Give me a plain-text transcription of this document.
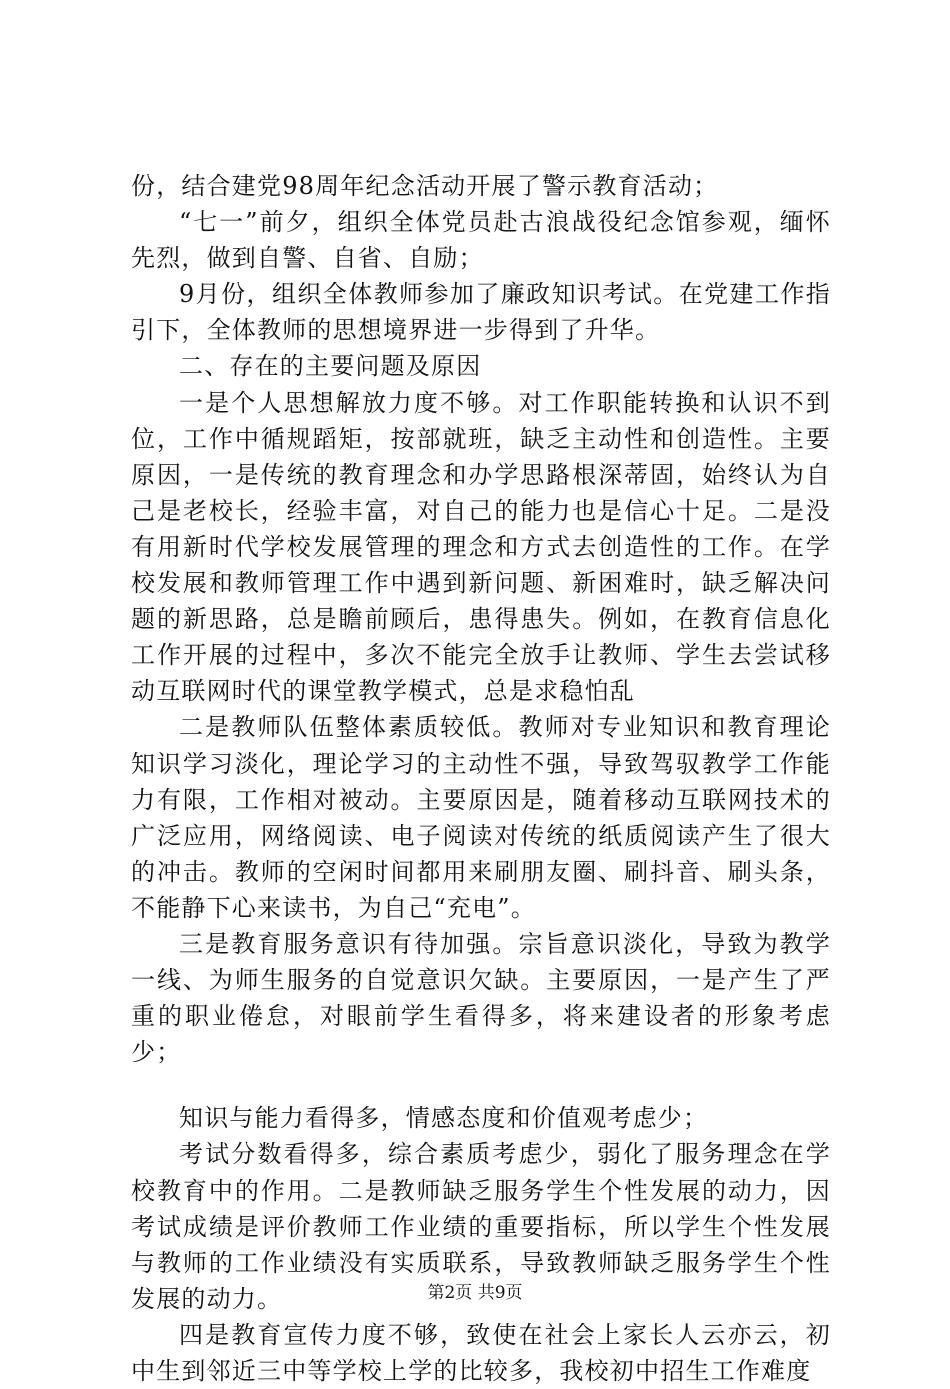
份，结合建党98周年纪念活动开展了警示教育活动；

“七一”前夕，组织全体党员赴古浪战役纪念馆参观，缅怀先烈，做到自警、自省、自励；

9月份，组织全体教师参加了廉政知识考试。在党建工作指引下，全体教师的思想境界进一步得到了升华。

二、存在的主要问题及原因

一是个人思想解放力度不够。对工作职能转换和认识不到位，工作中循规蹈矩，按部就班，缺乏主动性和创造性。主要原因，一是传统的教育理念和办学思路根深蒂固，始终认为自己是老校长，经验丰富，对自己的能力也是信心十足。二是没有用新时代学校发展管理的理念和方式去创造性的工作。在学校发展和教师管理工作中遇到新问题、新困难时，缺乏解决问题的新思路，总是瞻前顾后，患得患失。例如，在教育信息化工作开展的过程中，多次不能完全放手让教师、学生去尝试移动互联网时代的课堂教学模式，总是求稳怕乱

二是教师队伍整体素质较低。教师对专业知识和教育理论知识学习淡化，理论学习的主动性不强，导致驾驭教学工作能力有限，工作相对被动。主要原因是，随着移动互联网技术的广泛应用，网络阅读、电子阅读对传统的纸质阅读产生了很大的冲击。教师的空闲时间都用来刷朋友圈、刷抖音、刷头条，不能静下心来读书，为自己“充电”。

三是教育服务意识有待加强。宗旨意识淡化，导致为教学一线、为师生服务的自觉意识欠缺。主要原因，一是产生了严重的职业倦怠，对眼前学生看得多，将来建设者的形象考虑少；

知识与能力看得多，情感态度和价值观考虑少；

考试分数看得多，综合素质考虑少，弱化了服务理念在学校教育中的作用。二是教师缺乏服务学生个性发展的动力，因考试成绩是评价教师工作业绩的重要指标，所以学生个性发展与教师的工作业绩没有实质联系，导致教师缺乏服务学生个性发展的动力。

四是教育宣传力度不够，致使在社会上家长人云亦云，初中生到邻近三中等学校上学的比较多，我校初中招生工作难度

第2页 共9页
